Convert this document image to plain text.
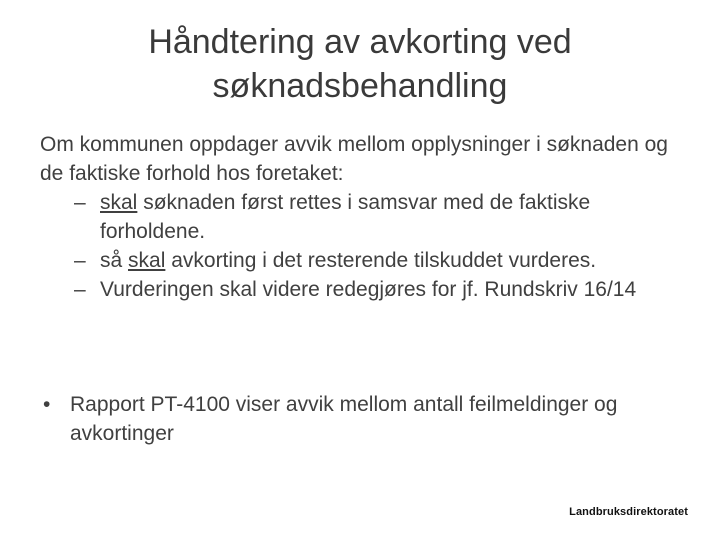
Håndtering av avkorting ved
søknadsbehandling

Om kommunen oppdager avvik mellom opplysninger i søknaden og de faktiske forhold hos foretaket:

– skal søknaden først rettes i samsvar med de faktiske forholdene.
– så skal avkorting i det resterende tilskuddet vurderes.
– Vurderingen skal videre redegjøres for jf. Rundskriv 16/14
• Rapport PT-4100 viser avvik mellom antall feilmeldinger og avkortinger
Landbruksdirektoratet
